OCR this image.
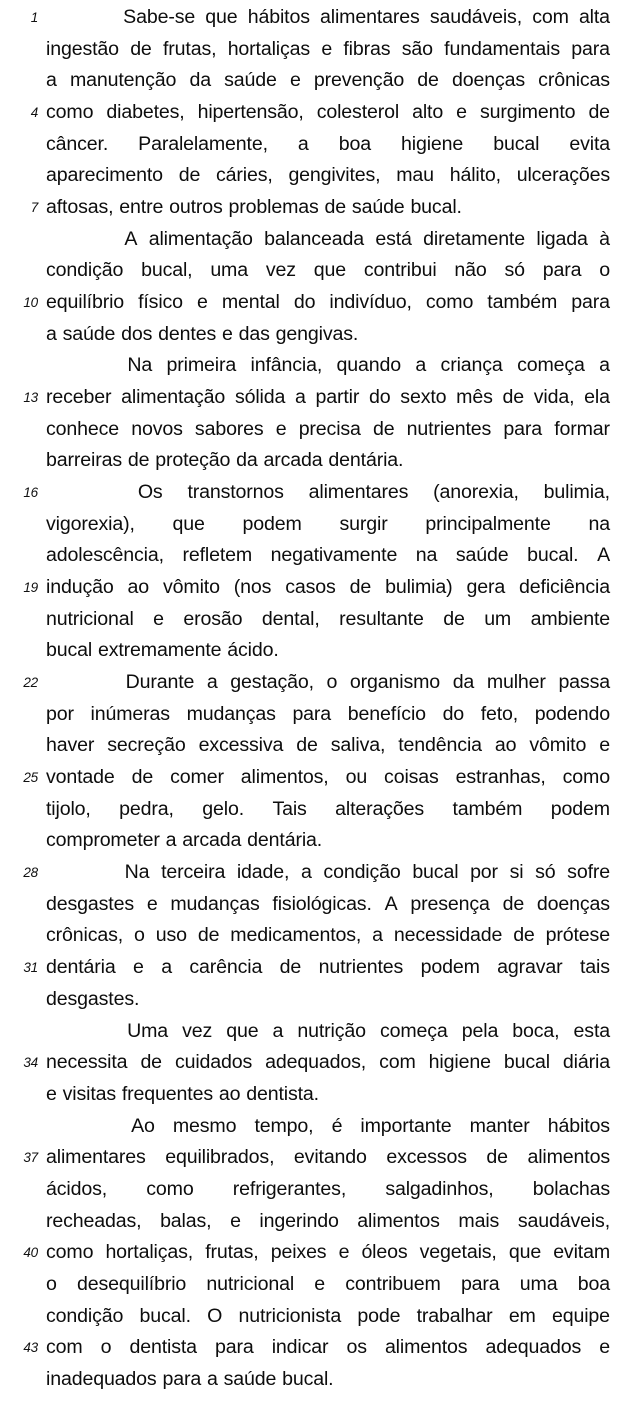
1	Sabe-se que hábitos alimentares saudáveis, com alta
ingestão de frutas, hortaliças e fibras são fundamentais para
a manutenção da saúde e prevenção de doenças crônicas
4 como diabetes, hipertensão, colesterol alto e surgimento de
câncer. Paralelamente, a boa higiene bucal evita
aparecimento de cáries, gengivites, mau hálito, ulcerações
7 aftosas, entre outros problemas de saúde bucal.
A alimentação balanceada está diretamente ligada à
condição bucal, uma vez que contribui não só para o
10 equilíbrio físico e mental do indivíduo, como também para
a saúde dos dentes e das gengivas.
Na primeira infância, quando a criança começa a
13 receber alimentação sólida a partir do sexto mês de vida, ela
conhece novos sabores e precisa de nutrientes para formar
barreiras de proteção da arcada dentária.
16	Os transtornos alimentares (anorexia, bulimia,
vigorexia), que podem surgir principalmente na
adolescência, refletem negativamente na saúde bucal. A
19 indução ao vômito (nos casos de bulimia) gera deficiência
nutricional e erosão dental, resultante de um ambiente
bucal extremamente ácido.
22	Durante a gestação, o organismo da mulher passa
por inúmeras mudanças para benefício do feto, podendo
haver secreção excessiva de saliva, tendência ao vômito e
25 vontade de comer alimentos, ou coisas estranhas, como
tijolo, pedra, gelo. Tais alterações também podem
comprometer a arcada dentária.
28	Na terceira idade, a condição bucal por si só sofre
desgastes e mudanças fisiológicas. A presença de doenças
crônicas, o uso de medicamentos, a necessidade de prótese
31 dentária e a carência de nutrientes podem agravar tais
desgastes.
Uma vez que a nutrição começa pela boca, esta
34 necessita de cuidados adequados, com higiene bucal diária
e visitas frequentes ao dentista.
Ao mesmo tempo, é importante manter hábitos
37 alimentares equilibrados, evitando excessos de alimentos
ácidos, como refrigerantes, salgadinhos, bolachas
recheadas, balas, e ingerindo alimentos mais saudáveis,
40 como hortaliças, frutas, peixes e óleos vegetais, que evitam
o desequilíbrio nutricional e contribuem para uma boa
condição bucal. O nutricionista pode trabalhar em equipe
43 com o dentista para indicar os alimentos adequados e
inadequados para a saúde bucal.
